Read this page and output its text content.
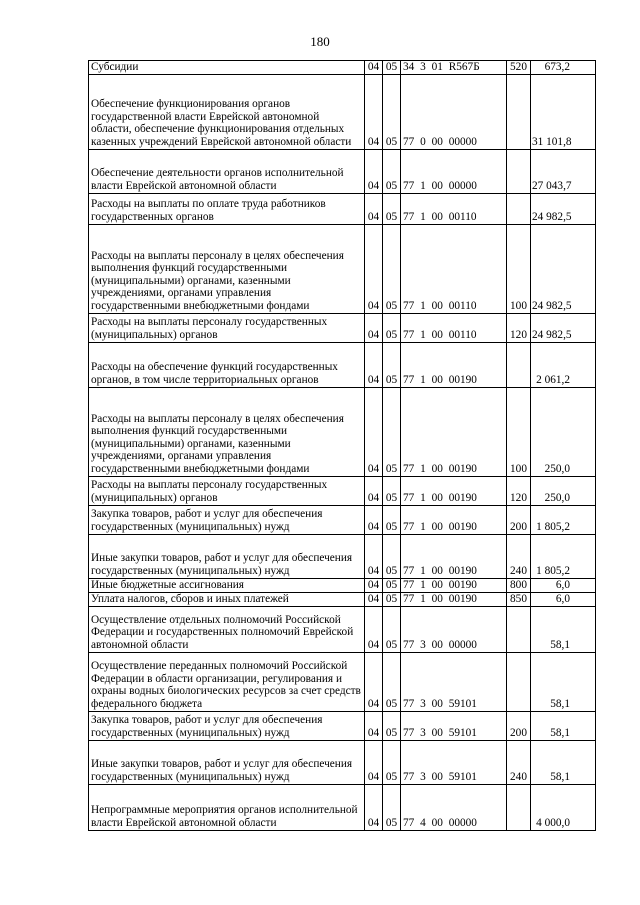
180
Субсидии	04	05	34 3 01 R567Б	520	673,2
Обеспечение функционирования органов государственной власти Еврейской автономной области, обеспечение функционирования отдельных казенных учреждений Еврейской автономной области	04	05	77 0 00 00000		31 101,8
Обеспечение деятельности органов исполнительной власти Еврейской автономной области	04	05	77 1 00 00000		27 043,7
Расходы на выплаты по оплате труда работников государственных органов	04	05	77 1 00 00110		24 982,5
Расходы на выплаты персоналу в целях обеспечения выполнения функций государственными (муниципальными) органами, казенными учреждениями, органами управления государственными внебюджетными фондами	04	05	77 1 00 00110	100	24 982,5
Расходы на выплаты персоналу государственных (муниципальных) органов	04	05	77 1 00 00110	120	24 982,5
Расходы на обеспечение функций государственных органов, в том числе территориальных органов	04	05	77 1 00 00190		2 061,2
Расходы на выплаты персоналу в целях обеспечения выполнения функций государственными (муниципальными) органами, казенными учреждениями, органами управления государственными внебюджетными фондами	04	05	77 1 00 00190	100	250,0
Расходы на выплаты персоналу государственных (муниципальных) органов	04	05	77 1 00 00190	120	250,0
Закупка товаров, работ и услуг для обеспечения государственных (муниципальных) нужд	04	05	77 1 00 00190	200	1 805,2
Иные закупки товаров, работ и услуг для обеспечения государственных (муниципальных) нужд	04	05	77 1 00 00190	240	1 805,2
Иные бюджетные ассигнования	04	05	77 1 00 00190	800	6,0
Уплата налогов, сборов и иных платежей	04	05	77 1 00 00190	850	6,0
Осуществление отдельных полномочий Российской Федерации и государственных полномочий Еврейской автономной области	04	05	77 3 00 00000		58,1
Осуществление переданных полномочий Российской Федерации в области организации, регулирования и охраны водных биологических ресурсов за счет средств федерального бюджета	04	05	77 3 00 59101		58,1
Закупка товаров, работ и услуг для обеспечения государственных (муниципальных) нужд	04	05	77 3 00 59101	200	58,1
Иные закупки товаров, работ и услуг для обеспечения государственных (муниципальных) нужд	04	05	77 3 00 59101	240	58,1
Непрограммные мероприятия органов исполнительной власти Еврейской автономной области	04	05	77 4 00 00000		4 000,0
